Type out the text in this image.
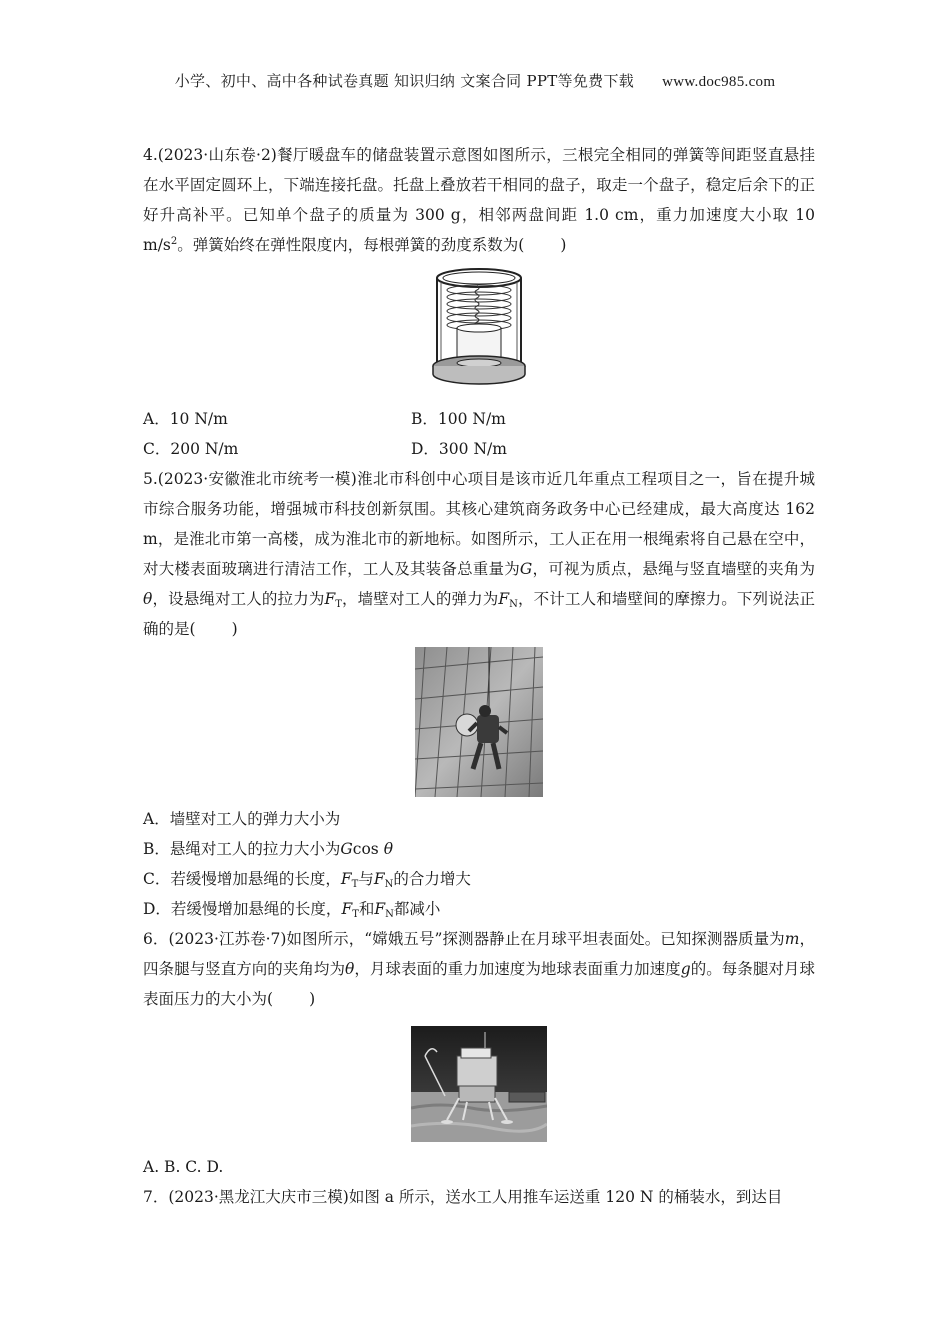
小学、初中、高中各种试卷真题 知识归纳 文案合同 PPT等免费下载 www.doc985.com

4.(2023·山东卷·2)餐厅暖盘车的储盘装置示意图如图所示，三根完全相同的弹簧等间距竖直悬挂在水平固定圆环上，下端连接托盘。托盘上叠放若干相同的盘子，取走一个盘子，稳定后余下的正好升高补平。已知单个盘子的质量为 300 g，相邻两盘间距 1.0 cm，重力加速度大小取 10 $m/s^2$。弹簧始终在弹性限度内，每根弹簧的劲度系数为( )

A．10 N/m	B．100 N/m
C．200 N/m	D．300 N/m

5.(2023·安徽淮北市统考一模)淮北市科创中心项目是该市近几年重点工程项目之一，旨在提升城市综合服务功能，增强城市科技创新氛围。其核心建筑商务政务中心已经建成，最大高度达 162 m，是淮北市第一高楼，成为淮北市的新地标。如图所示，工人正在用一根绳索将自己悬在空中，对大楼表面玻璃进行清洁工作，工人及其装备总重量为G，可视为质点，悬绳与竖直墙壁的夹角为θ，设悬绳对工人的拉力为$F_T$，墙壁对工人的弹力为$F_N$，不计工人和墙壁间的摩擦力。下列说法正确的是( )

A．墙壁对工人的弹力大小为
B．悬绳对工人的拉力大小为Gcos θ
C．若缓慢增加悬绳的长度，$F_T$与$F_N$的合力增大
D．若缓慢增加悬绳的长度，$F_T$和$F_N$都减小

6．(2023·江苏卷·7)如图所示，“嫦娥五号”探测器静止在月球平坦表面处。已知探测器质量为m，四条腿与竖直方向的夹角均为θ，月球表面的重力加速度为地球表面重力加速度g的。每条腿对月球表面压力的大小为( )

A. B. C. D.
7．(2023·黑龙江大庆市三模)如图 a 所示，送水工人用推车运送重 120 N 的桶装水，到达目
